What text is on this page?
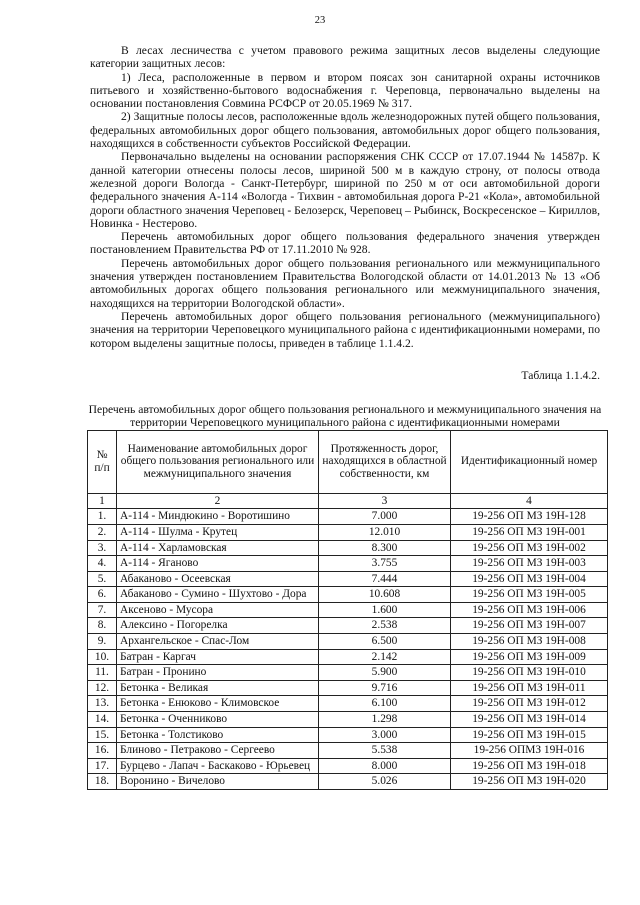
23

В лесах лесничества с учетом правового режима защитных лесов выделены следующие категории защитных лесов:

1) Леса, расположенные в первом и втором поясах зон санитарной охраны источников питьевого и хозяйственно-бытового водоснабжения г. Череповца, первоначально выделены на основании постановления Совмина РСФСР от 20.05.1969 № 317.

2) Защитные полосы лесов, расположенные вдоль железнодорожных путей общего пользования, федеральных автомобильных дорог общего пользования, автомобильных дорог общего пользования, находящихся в собственности субъектов Российской Федерации.

Первоначально выделены на основании распоряжения СНК СССР от 17.07.1944 № 14587р. К данной категории отнесены полосы лесов, шириной 500 м в каждую строну, от полосы отвода железной дороги Вологда - Санкт-Петербург, шириной по 250 м от оси автомобильной дороги федерального значения А-114 «Вологда - Тихвин - автомобильная дорога Р-21 «Кола», автомобильной дороги областного значения Череповец - Белозерск, Череповец – Рыбинск, Воскресенское – Кириллов, Новинка - Нестерово.

Перечень автомобильных дорог общего пользования федерального значения утвержден постановлением Правительства РФ от 17.11.2010 № 928.

Перечень автомобильных дорог общего пользования регионального или межмуниципального значения утвержден постановлением Правительства Вологодской области от 14.01.2013 № 13 «Об автомобильных дорогах общего пользования регионального или межмуниципального значения, находящихся на территории Вологодской области».

Перечень автомобильных дорог общего пользования регионального (межмуниципального) значения на территории Череповецкого муниципального района с идентификационными номерами, по котором выделены защитные полосы, приведен в таблице 1.1.4.2.

Таблица 1.1.4.2.
Перечень автомобильных дорог общего пользования регионального и межмуниципального значения на территории Череповецкого муниципального района с идентификационными номерами
№ п/п	Наименование автомобильных дорог общего пользования регионального или межмуниципального значения	Протяженность дорог, находящихся в областной собственности, км	Идентификационный номер
1	2	3	4
1.	А-114 - Миндюкино - Воротишино	7.000	19-256 ОП МЗ 19Н-128
2.	А-114 - Шулма - Крутец	12.010	19-256 ОП МЗ 19Н-001
3.	А-114 - Харламовская	8.300	19-256 ОП МЗ 19Н-002
4.	А-114 - Яганово	3.755	19-256 ОП МЗ 19Н-003
5.	Абаканово - Осеевская	7.444	19-256 ОП МЗ 19Н-004
6.	Абаканово - Сумино - Шухтово - Дора	10.608	19-256 ОП МЗ 19Н-005
7.	Аксеново - Мусора	1.600	19-256 ОП МЗ 19Н-006
8.	Алексино - Погорелка	2.538	19-256 ОП МЗ 19Н-007
9.	Архангельское - Спас-Лом	6.500	19-256 ОП МЗ 19Н-008
10.	Батран - Каргач	2.142	19-256 ОП МЗ 19Н-009
11.	Батран - Пронино	5.900	19-256 ОП МЗ 19Н-010
12.	Бетонка - Великая	9.716	19-256 ОП МЗ 19Н-011
13.	Бетонка - Енюково - Климовское	6.100	19-256 ОП МЗ 19Н-012
14.	Бетонка - Оченниково	1.298	19-256 ОП МЗ 19Н-014
15.	Бетонка - Толстиково	3.000	19-256 ОП МЗ 19Н-015
16.	Блиново - Петраково - Сергеево	5.538	19-256 ОПМЗ 19Н-016
17.	Бурцево - Лапач - Баскаково - Юрьевец	8.000	19-256 ОП МЗ 19Н-018
18.	Воронино - Вичелово	5.026	19-256 ОП МЗ 19Н-020
